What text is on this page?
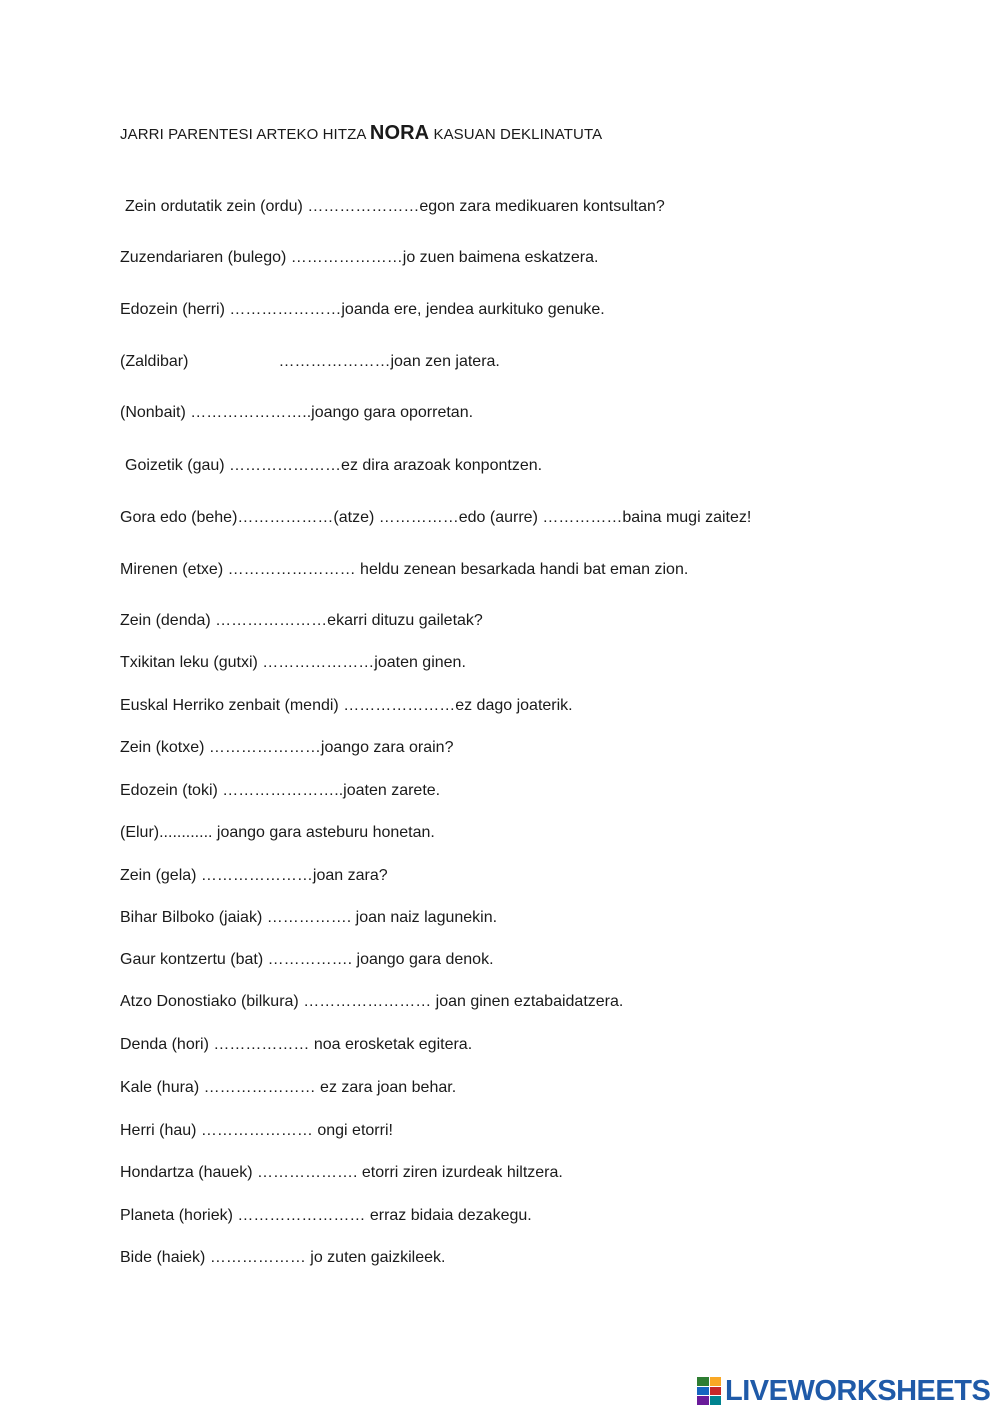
JARRI PARENTESI ARTEKO HITZA NORA KASUAN DEKLINATUTA
Zein ordutatik zein (ordu) …………………egon zara medikuaren kontsultan?
Zuzendariaren (bulego) …………………jo zuen baimena eskatzera.
Edozein (herri) …………………joanda ere, jendea aurkituko genuke.
(Zaldibar)	…………………joan zen jatera.
(Nonbait) …………………..joango gara oporretan.
Goizetik (gau) …………………ez dira arazoak konpontzen.
Gora edo (behe)………………(atze) ……………edo (aurre) ……………baina mugi zaitez!
Mirenen (etxe) …………………… heldu zenean besarkada handi bat eman zion.
Zein (denda) …………………ekarri dituzu gailetak?
Txikitan leku (gutxi) …………………joaten ginen.
Euskal Herriko zenbait (mendi) …………………ez dago joaterik.
Zein (kotxe) …………………joango zara orain?
Edozein (toki) …………………..joaten zarete.
(Elur)............ joango gara asteburu honetan.
Zein (gela) …………………joan zara?
Bihar Bilboko (jaiak) ……………. joan naiz lagunekin.
Gaur kontzertu (bat) ……………. joango gara denok.
Atzo Donostiako (bilkura) …………………… joan ginen eztabaidatzera.
Denda (hori) ……………… noa erosketak egitera.
Kale (hura) ………………… ez zara joan behar.
Herri (hau) ………………… ongi etorri!
Hondartza (hauek) ………………. etorri ziren izurdeak hiltzera.
Planeta (horiek) …………………… erraz bidaia dezakegu.
Bide (haiek) ……………… jo zuten gaizkileek.
LIVEWORKSHEETS
